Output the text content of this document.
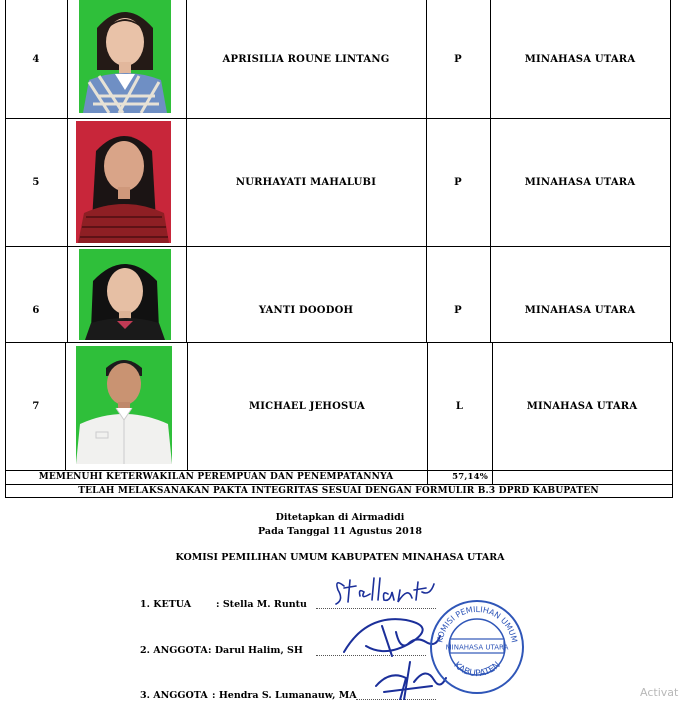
4	APRISILIA ROUNE LINTANG	P	MINAHASA UTARA
5	NURHAYATI MAHALUBI	P	MINAHASA UTARA
6	YANTI DOODOH	P	MINAHASA UTARA
7	MICHAEL JEHOSUA	L	MINAHASA UTARA
MEMENUHI KETERWAKILAN PEREMPUAN DAN PENEMPATANNYA	57,14%
TELAH MELAKSANAKAN PAKTA INTEGRITAS SESUAI DENGAN FORMULIR B.3 DPRD KABUPATEN
Ditetapkan di Airmadidi
Pada Tanggal 11 Agustus 2018
KOMISI PEMILIHAN UMUM KABUPATEN MINAHASA UTARA
1. KETUA	: Stella M. Runtu
2. ANGGOTA : Darul Halim, SH
3. ANGGOTA : Hendra S. Lumanauw, MA
KOMISI PEMILIHAN UMUM
KABUPATEN
MINAHASA UTARA
Activat
